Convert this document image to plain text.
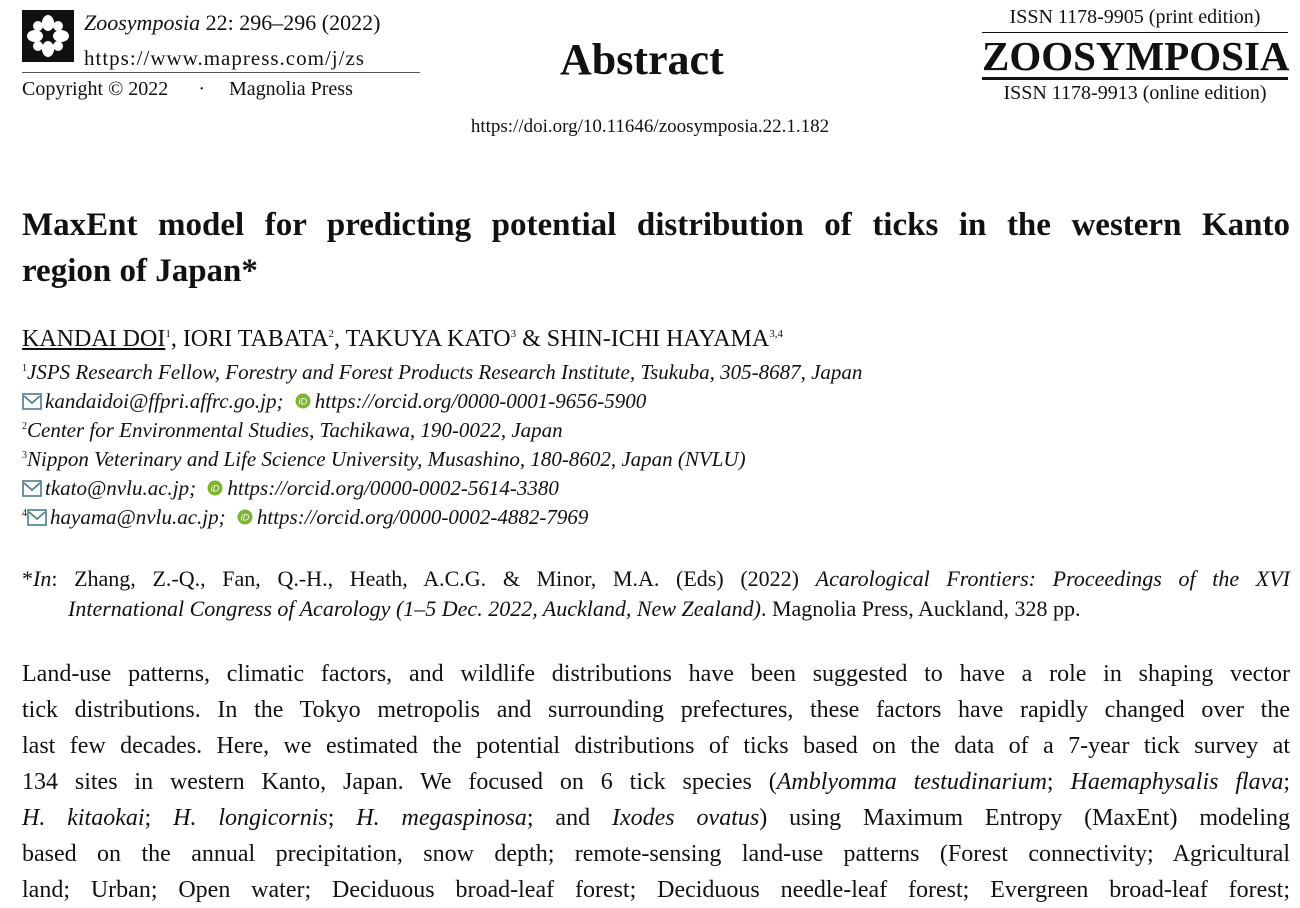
Zoosymposia 22: 296–296 (2022)
https://www.mapress.com/j/zs
Copyright © 2022 · Magnolia Press
Abstract
ISSN 1178-9905 (print edition)
ZOOSYMPOSIA
ISSN 1178-9913 (online edition)
https://doi.org/10.11646/zoosymposia.22.1.182
MaxEnt model for predicting potential distribution of ticks in the western Kanto
region of Japan*
KANDAI DOI$^1$, IORI TABATA$^2$, TAKUYA KATO$^3$ & SHIN-ICHI HAYAMA$^{3,4}$
$^1$JSPS Research Fellow, Forestry and Forest Products Research Institute, Tsukuba, 305-8687, Japan
kandaidoi@ffpri.affrc.go.jp; iD https://orcid.org/0000-0001-9656-5900
$^2$Center for Environmental Studies, Tachikawa, 190-0022, Japan
$^3$Nippon Veterinary and Life Science University, Musashino, 180-8602, Japan (NVLU)
tkato@nvlu.ac.jp; iD https://orcid.org/0000-0002-5614-3380
$^4$ hayama@nvlu.ac.jp; iD https://orcid.org/0000-0002-4882-7969
*In: Zhang, Z.-Q., Fan, Q.-H., Heath, A.C.G. & Minor, M.A. (Eds) (2022) Acarological Frontiers: Proceedings of the XVI
International Congress of Acarology (1–5 Dec. 2022, Auckland, New Zealand). Magnolia Press, Auckland, 328 pp.
Land-use patterns, climatic factors, and wildlife distributions have been suggested to have a role in shaping vector
tick distributions. In the Tokyo metropolis and surrounding prefectures, these factors have rapidly changed over the
last few decades. Here, we estimated the potential distributions of ticks based on the data of a 7-year tick survey at
134 sites in western Kanto, Japan. We focused on 6 tick species (Amblyomma testudinarium; Haemaphysalis flava;
H. kitaokai; H. longicornis; H. megaspinosa; and Ixodes ovatus) using Maximum Entropy (MaxEnt) modeling
based on the annual precipitation, snow depth; remote-sensing land-use patterns (Forest connectivity; Agricultural
land; Urban; Open water; Deciduous broad-leaf forest; Deciduous needle-leaf forest; Evergreen broad-leaf forest;
